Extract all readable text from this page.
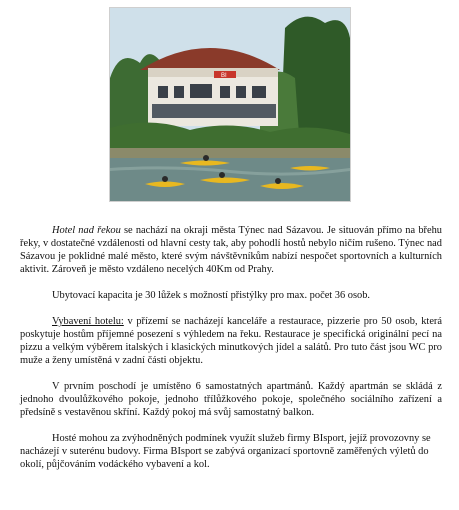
BI

Hotel nad řekou se nachází na okraji města Týnec nad Sázavou. Je situován přímo na břehu řeky, v dostatečné vzdálenosti od hlavní cesty tak, aby pohodlí hostů nebylo ničím rušeno. Týnec nad Sázavou je poklidné malé město, které svým návštěvníkům nabízí nespočet sportovních a kulturních aktivit. Zároveň je město vzdáleno necelých 40Km od Prahy.

Ubytovací kapacita je 30 lůžek s možností přistýlky pro max. počet 36 osob.

Vybavení hotelu: v přízemí se nacházejí kanceláře a restaurace, pizzerie pro 50 osob, která poskytuje hostům příjemné posezení s výhledem na řeku. Restaurace je specifická originální pecí na pizzu a velkým výběrem italských i klasických minutkových jídel a salátů. Pro tuto část jsou WC pro muže a ženy umístěná v zadní části objektu.

V prvním poschodí je umístěno 6 samostatných apartmánů. Každý apartmán se skládá z jednoho dvoulůžkového pokoje, jednoho třílůžkového pokoje, společného sociálního zařízení a předsíně s vestavěnou skříní. Každý pokoj má svůj samostatný balkon.

Hosté mohou za zvýhodněných podmínek využít služeb firmy BIsport, jejíž provozovny se nacházejí v suterénu budovy. Firma BIsport se zabývá organizací sportovně zaměřených výletů do okolí, půjčováním vodáckého vybavení a kol.
